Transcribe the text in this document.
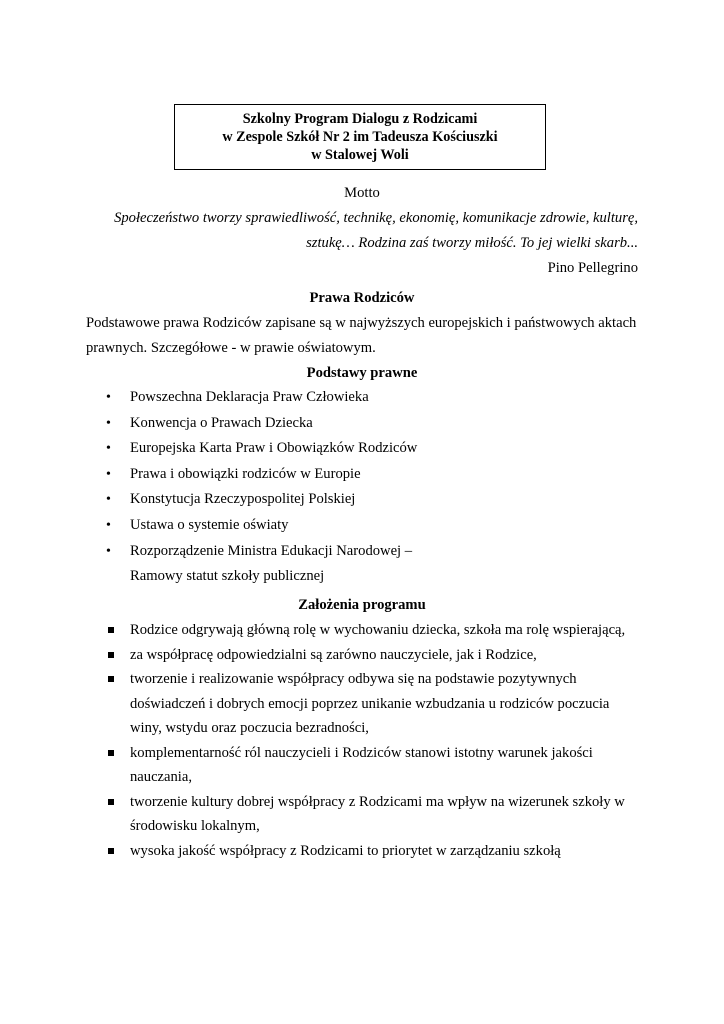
Szkolny Program Dialogu z Rodzicami
w Zespole Szkół Nr 2 im Tadeusza Kościuszki
w Stalowej Woli
Motto
Społeczeństwo tworzy sprawiedliwość, technikę, ekonomię, komunikacje zdrowie, kulturę,
sztukę… Rodzina zaś tworzy miłość. To jej wielki skarb...
Pino Pellegrino
Prawa Rodziców
Podstawowe prawa Rodziców zapisane są w najwyższych europejskich i państwowych aktach
prawnych. Szczegółowe - w prawie oświatowym.
Podstawy prawne
• Powszechna Deklaracja Praw Człowieka
• Konwencja o Prawach Dziecka
• Europejska Karta Praw i Obowiązków Rodziców
• Prawa i obowiązki rodziców w Europie
• Konstytucja Rzeczypospolitej Polskiej
• Ustawa o systemie oświaty
• Rozporządzenie Ministra Edukacji Narodowej –
Ramowy statut szkoły publicznej
Założenia programu
Rodzice odgrywają główną rolę w wychowaniu dziecka, szkoła ma rolę wspierającą,
za współpracę odpowiedzialni są zarówno nauczyciele, jak i Rodzice,
tworzenie i realizowanie współpracy odbywa się na podstawie pozytywnych doświadczeń i dobrych emocji poprzez unikanie wzbudzania u rodziców poczucia winy, wstydu oraz poczucia bezradności,
komplementarność ról nauczycieli i Rodziców stanowi istotny warunek jakości nauczania,
tworzenie kultury dobrej współpracy z Rodzicami ma wpływ na wizerunek szkoły w środowisku lokalnym,
wysoka jakość współpracy z Rodzicami to priorytet w zarządzaniu szkołą
